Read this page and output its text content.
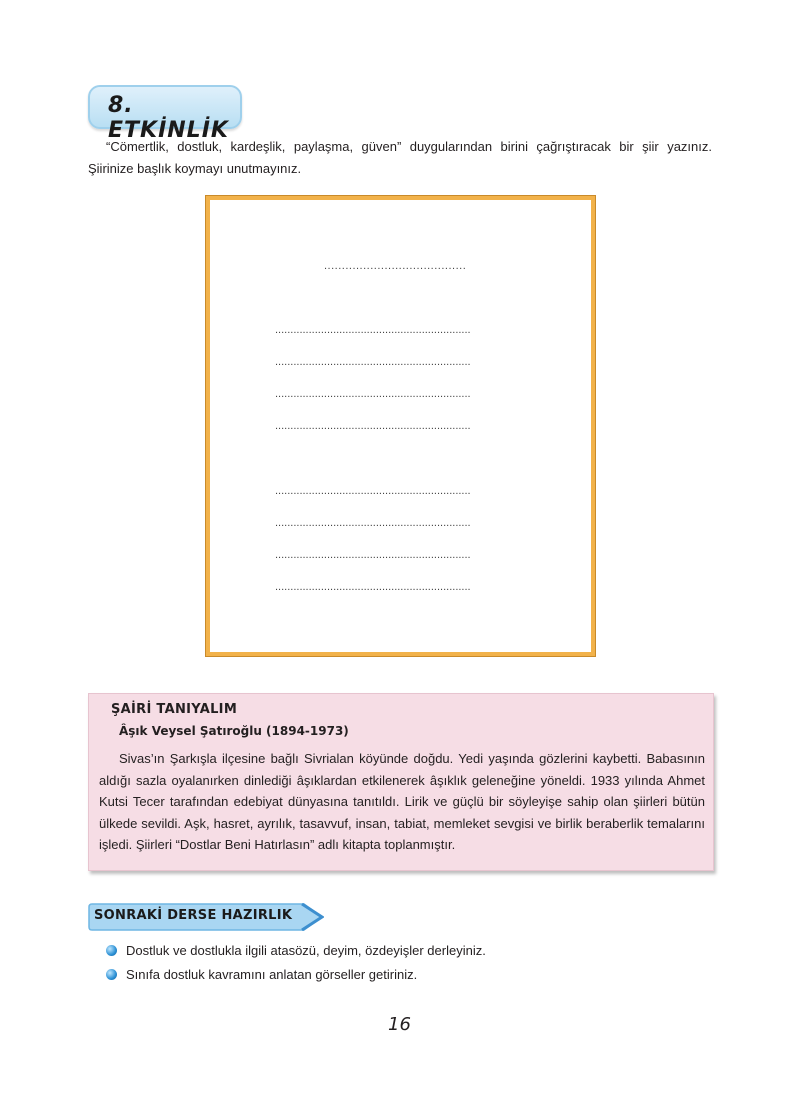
8. ETKİNLİK

“Cömertlik, dostluk, kardeşlik, paylaşma, güven” duygularından birini çağrıştıracak bir şiir yazınız. Şiirinize başlık koymayı unutmayınız.

........................................
................................................................
................................................................
................................................................
................................................................
................................................................
................................................................
................................................................
................................................................

ŞAİRİ TANIYALIM

Âşık Veysel Şatıroğlu (1894-1973)

Sivas’ın Şarkışla ilçesine bağlı Sivrialan köyünde doğdu. Yedi yaşında gözlerini kaybetti. Babasının aldığı sazla oyalanırken dinlediği âşıklardan etkilenerek âşıklık geleneğine yöneldi. 1933 yılında Ahmet Kutsi Tecer tarafından edebiyat dünyasına tanıtıldı. Lirik ve güçlü bir söyleyişe sahip olan şiirleri bütün ülkede sevildi. Aşk, hasret, ayrılık, tasavvuf, insan, tabiat, memleket sevgisi ve birlik beraberlik temalarını işledi. Şiirleri “Dostlar Beni Hatırlasın” adlı kitapta toplanmıştır.

SONRAKİ DERSE HAZIRLIK
Dostluk ve dostlukla ilgili atasözü, deyim, özdeyişler derleyiniz.
Sınıfa dostluk kavramını anlatan görseller getiriniz.
16
